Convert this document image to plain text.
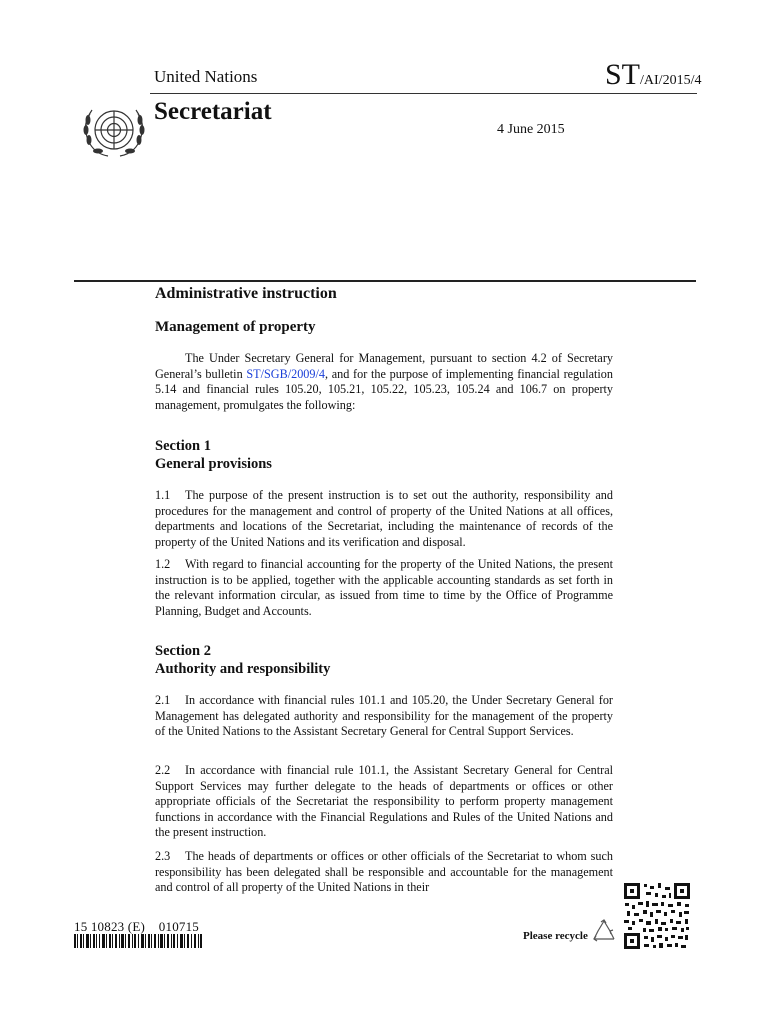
United Nations	ST/AI/2015/4
Secretariat
4 June 2015
Administrative instruction
Management of property
The Under Secretary General for Management, pursuant to section 4.2 of Secretary General’s bulletin ST/SGB/2009/4, and for the purpose of implementing financial regulation 5.14 and financial rules 105.20, 105.21, 105.22, 105.23, 105.24 and 106.7 on property management, promulgates the following:
Section 1
General provisions
1.1 The purpose of the present instruction is to set out the authority, responsibility and procedures for the management and control of property of the United Nations at all offices, departments and locations of the Secretariat, including the maintenance of records of the property of the United Nations and its verification and disposal.
1.2 With regard to financial accounting for the property of the United Nations, the present instruction is to be applied, together with the applicable accounting standards as set forth in the relevant information circular, as issued from time to time by the Office of Programme Planning, Budget and Accounts.
Section 2
Authority and responsibility
2.1 In accordance with financial rules 101.1 and 105.20, the Under Secretary General for Management has delegated authority and responsibility for the management of the property of the United Nations to the Assistant Secretary General for Central Support Services.
2.2 In accordance with financial rule 101.1, the Assistant Secretary General for Central Support Services may further delegate to the heads of departments or offices or other appropriate officials of the Secretariat the responsibility to perform property management functions in accordance with the Financial Regulations and Rules of the United Nations and the present instruction.
2.3 The heads of departments or offices or other officials of the Secretariat to whom such responsibility has been delegated shall be responsible and accountable for the management and control of all property of the United Nations in their
15 10823 (E)    010715
Please recycle
